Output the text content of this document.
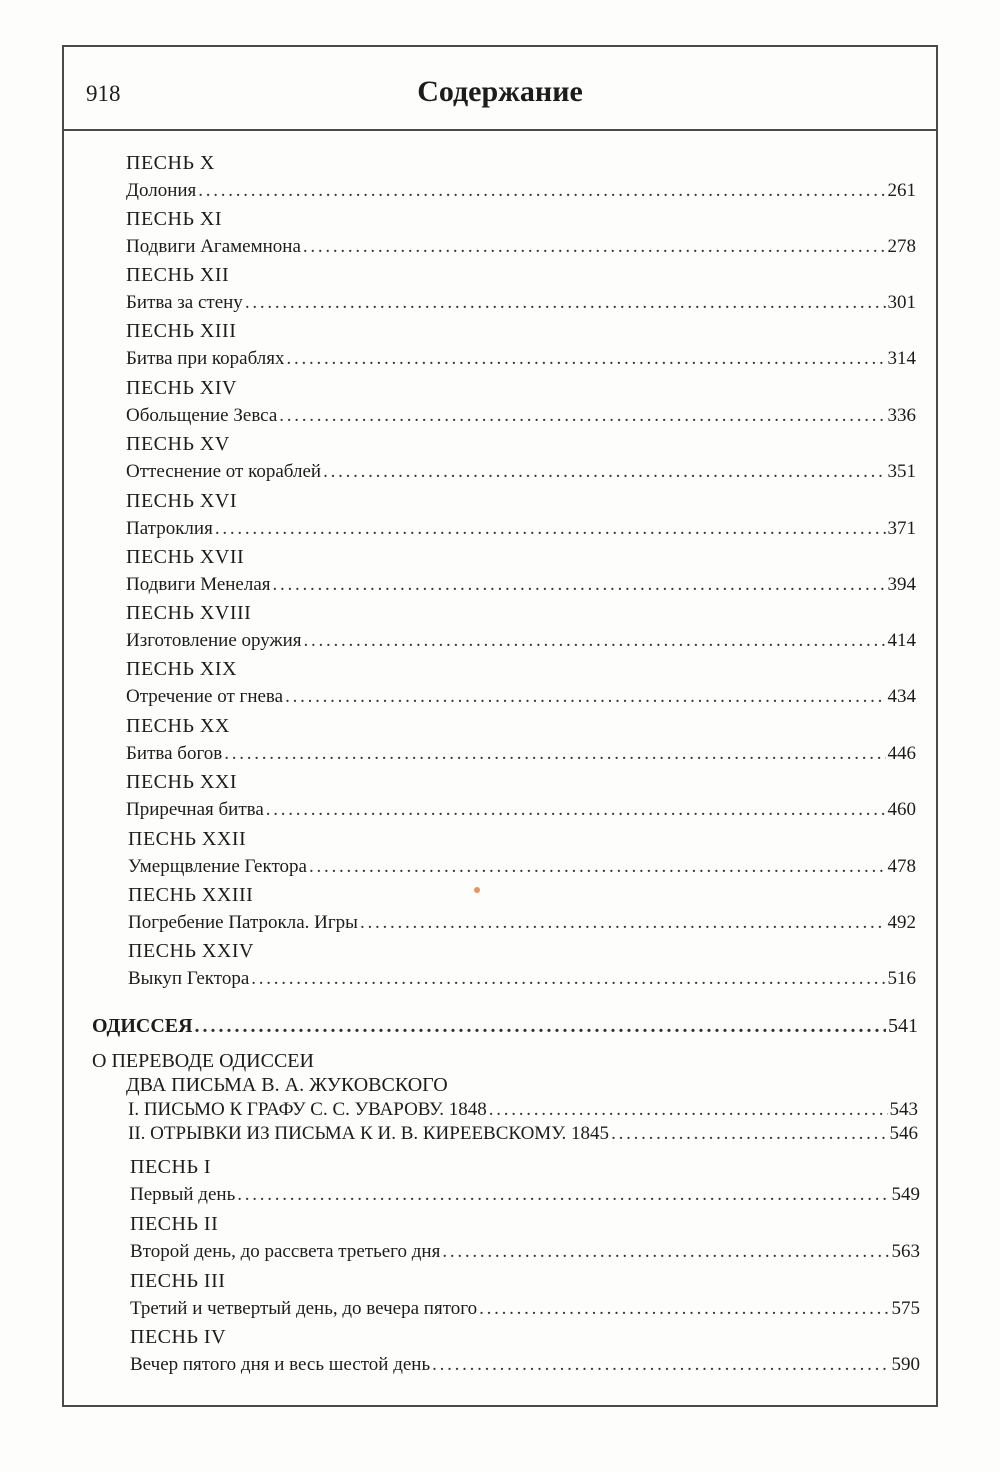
918	Содержание
ПЕСНЬ X
Долония . . .	261
ПЕСНЬ XI
Подвиги Агамемнона . . .	278
ПЕСНЬ XII
Битва за стену . . .	301
ПЕСНЬ XIII
Битва при кораблях . . .	314
ПЕСНЬ XIV
Обольщение Зевса . . .	336
ПЕСНЬ XV
Оттеснение от кораблей . . .	351
ПЕСНЬ XVI
Патроклия . . .	371
ПЕСНЬ XVII
Подвиги Менелая . . .	394
ПЕСНЬ XVIII
Изготовление оружия . . .	414
ПЕСНЬ XIX
Отречение от гнева . . .	434
ПЕСНЬ XX
Битва богов . . .	446
ПЕСНЬ XXI
Приречная битва . . .	460
ПЕСНЬ XXII
Умерщвление Гектора . . .	478
ПЕСНЬ XXIII
Погребение Патрокла. Игры . . .	492
ПЕСНЬ XXIV
Выкуп Гектора . . .	516
ОДИССЕЯ . . .	541
О ПЕРЕВОДЕ ОДИССЕИ
ДВА ПИСЬМА В. А. ЖУКОВСКОГО
I. ПИСЬМО К ГРАФУ С. С. УВАРОВУ. 1848 . . .	543
II. ОТРЫВКИ ИЗ ПИСЬМА К И. В. КИРЕЕВСКОМУ. 1845 . . .	546
ПЕСНЬ I
Первый день . . .	549
ПЕСНЬ II
Второй день, до рассвета третьего дня . . .	563
ПЕСНЬ III
Третий и четвертый день, до вечера пятого . . .	575
ПЕСНЬ IV
Вечер пятого дня и весь шестой день . . .	590
